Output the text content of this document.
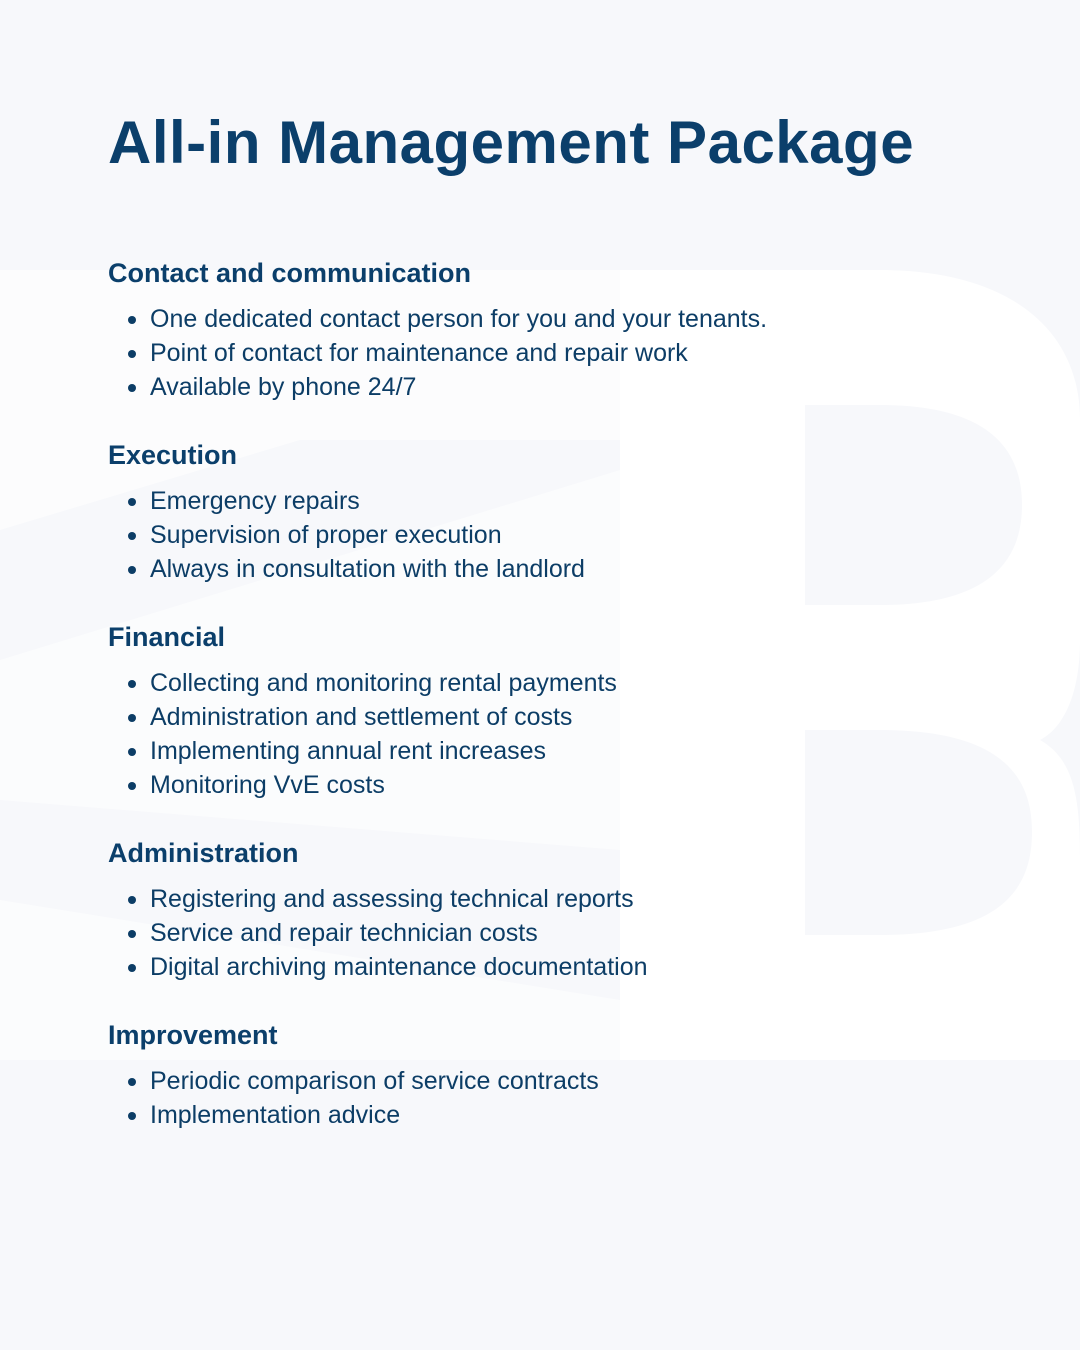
All-in Management Package
Contact and communication
One dedicated contact person for you and your tenants.
Point of contact for maintenance and repair work
Available by phone 24/7
Execution
Emergency repairs
Supervision of proper execution
Always in consultation with the landlord
Financial
Collecting and monitoring rental payments
Administration and settlement of costs
Implementing annual rent increases
Monitoring VvE costs
Administration
Registering and assessing technical reports
Service and repair technician costs
Digital archiving maintenance documentation
Improvement
Periodic comparison of service contracts
Implementation advice
